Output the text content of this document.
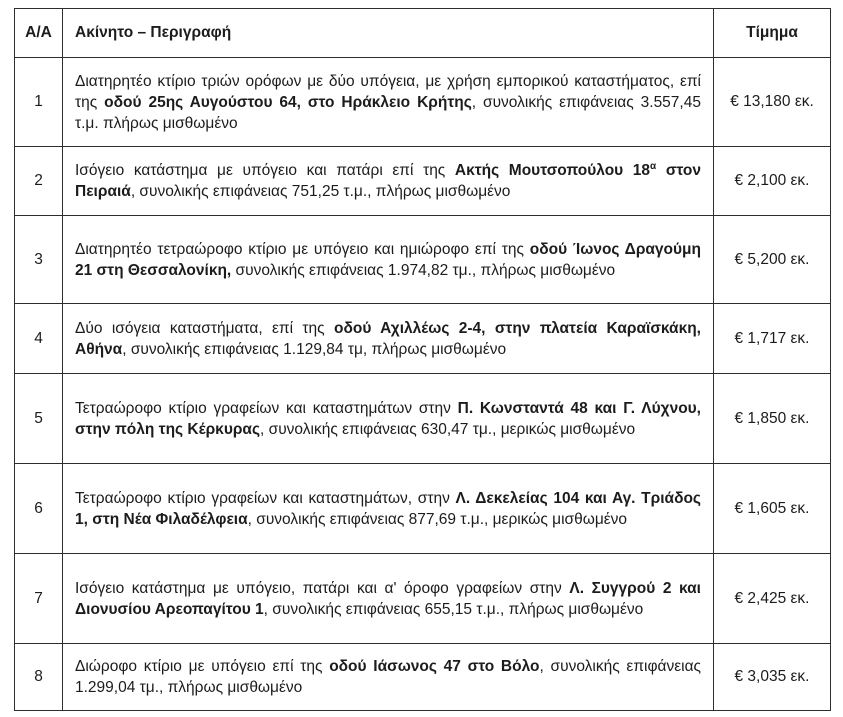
Α/Α	Ακίνητο – Περιγραφή	Τίμημα
1	Διατηρητέο κτίριο τριών ορόφων με δύο υπόγεια, με χρήση εμπορικού καταστήματος, επί της οδού 25ης Αυγούστου 64, στο Ηράκλειο Κρήτης, συνολικής επιφάνειας 3.557,45 τ.μ. πλήρως μισθωμένο	€ 13,180 εκ.
2	Ισόγειο κατάστημα με υπόγειο και πατάρι επί της Ακτής Μουτσοπούλου $18^\alpha$ στον Πειραιά, συνολικής επιφάνειας 751,25 τ.μ., πλήρως μισθωμένο	€ 2,100 εκ.
3	Διατηρητέο τετραώροφο κτίριο με υπόγειο και ημιώροφο επί της οδού Ίωνος Δραγούμη 21 στη Θεσσαλονίκη, συνολικής επιφάνειας 1.974,82 τμ., πλήρως μισθωμένο	€ 5,200 εκ.
4	Δύο ισόγεια καταστήματα, επί της οδού Αχιλλέως 2-4, στην πλατεία Καραϊσκάκη, Αθήνα, συνολικής επιφάνειας 1.129,84 τμ, πλήρως μισθωμένο	€ 1,717 εκ.
5	Τετραώροφο κτίριο γραφείων και καταστημάτων στην Π. Κωνσταντά 48 και Γ. Λύχνου, στην πόλη της Κέρκυρας, συνολικής επιφάνειας 630,47 τμ., μερικώς μισθωμένο	€ 1,850 εκ.
6	Τετραώροφο κτίριο γραφείων και καταστημάτων, στην Λ. Δεκελείας 104 και Αγ. Τριάδος 1, στη Νέα Φιλαδέλφεια, συνολικής επιφάνειας 877,69 τ.μ., μερικώς μισθωμένο	€ 1,605 εκ.
7	Ισόγειο κατάστημα με υπόγειο, πατάρι και α' όροφο γραφείων στην Λ. Συγγρού 2 και Διονυσίου Αρεοπαγίτου 1, συνολικής επιφάνειας 655,15 τ.μ., πλήρως μισθωμένο	€ 2,425 εκ.
8	Διώροφο κτίριο με υπόγειο επί της οδού Ιάσωνος 47 στο Βόλο, συνολικής επιφάνειας 1.299,04 τμ., πλήρως μισθωμένο	€ 3,035 εκ.
